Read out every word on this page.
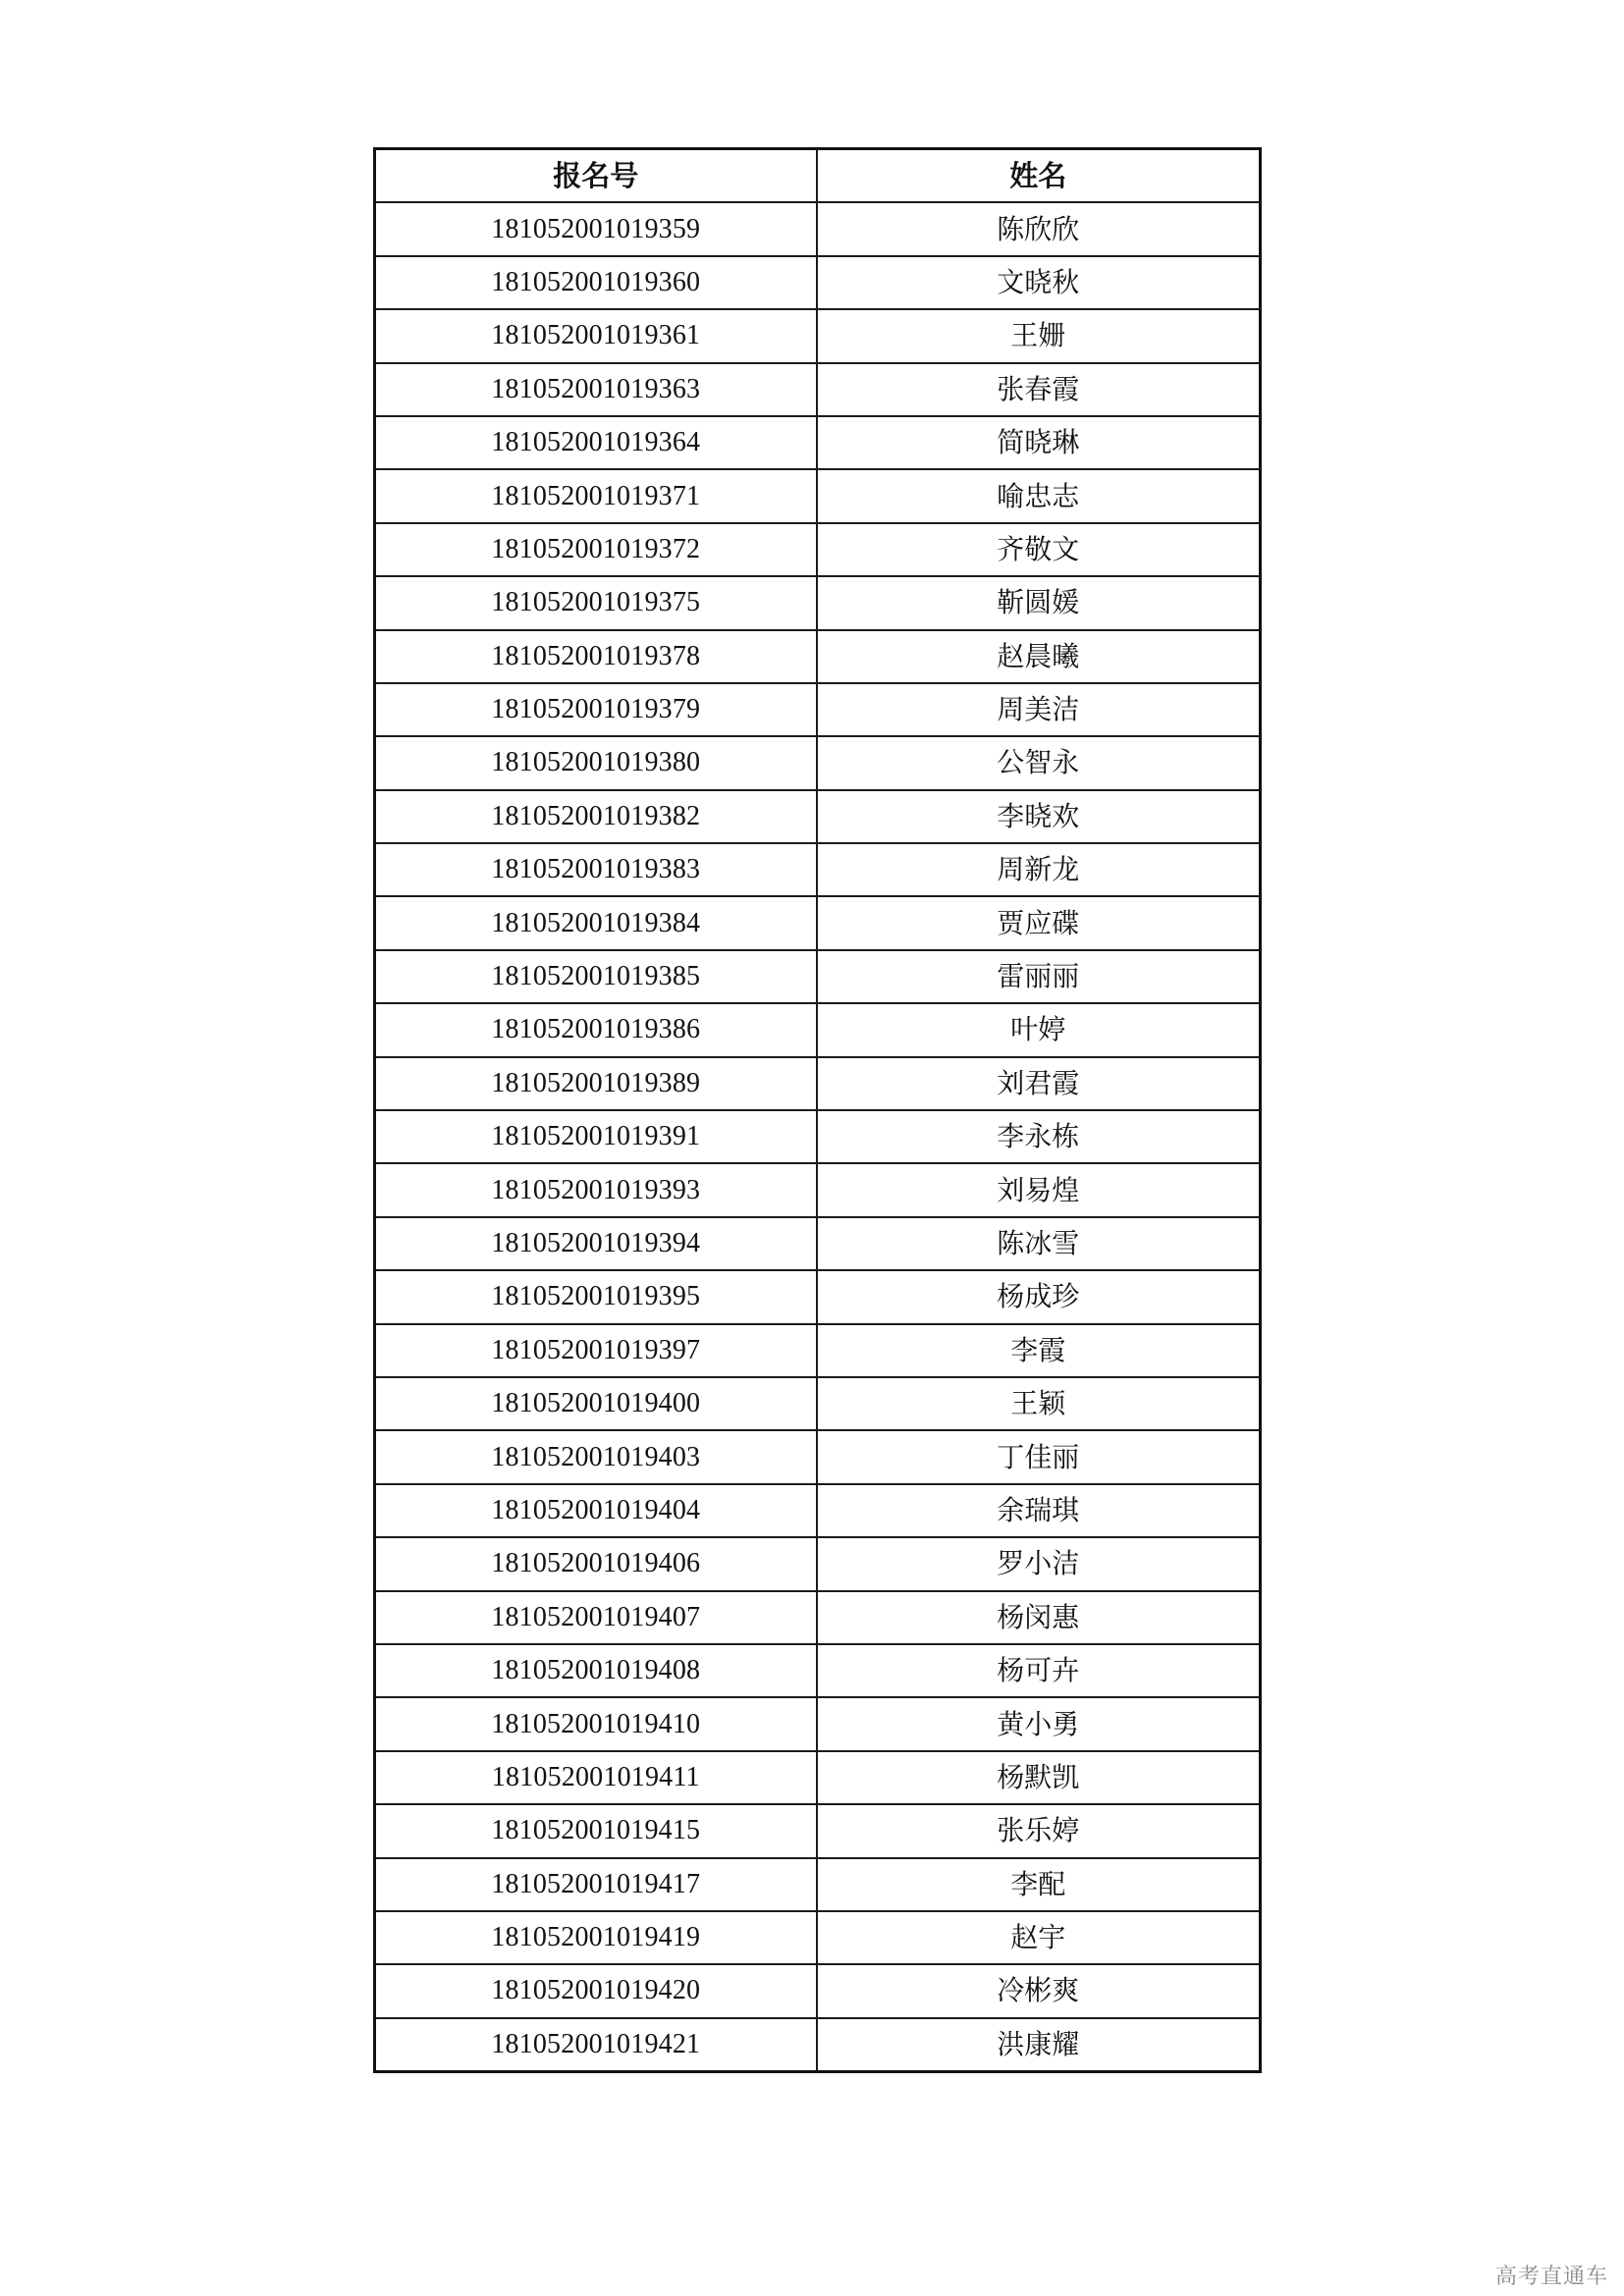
报名号	姓名
181052001019359	陈欣欣
181052001019360	文晓秋
181052001019361	王姗
181052001019363	张春霞
181052001019364	简晓琳
181052001019371	喻忠志
181052001019372	齐敬文
181052001019375	靳圆媛
181052001019378	赵晨曦
181052001019379	周美洁
181052001019380	公智永
181052001019382	李晓欢
181052001019383	周新龙
181052001019384	贾应碟
181052001019385	雷丽丽
181052001019386	叶婷
181052001019389	刘君霞
181052001019391	李永栋
181052001019393	刘易煌
181052001019394	陈冰雪
181052001019395	杨成珍
181052001019397	李霞
181052001019400	王颖
181052001019403	丁佳丽
181052001019404	余瑞琪
181052001019406	罗小洁
181052001019407	杨闵惠
181052001019408	杨可卉
181052001019410	黄小勇
181052001019411	杨默凯
181052001019415	张乐婷
181052001019417	李配
181052001019419	赵宇
181052001019420	冷彬爽
181052001019421	洪康耀
高考直通车
